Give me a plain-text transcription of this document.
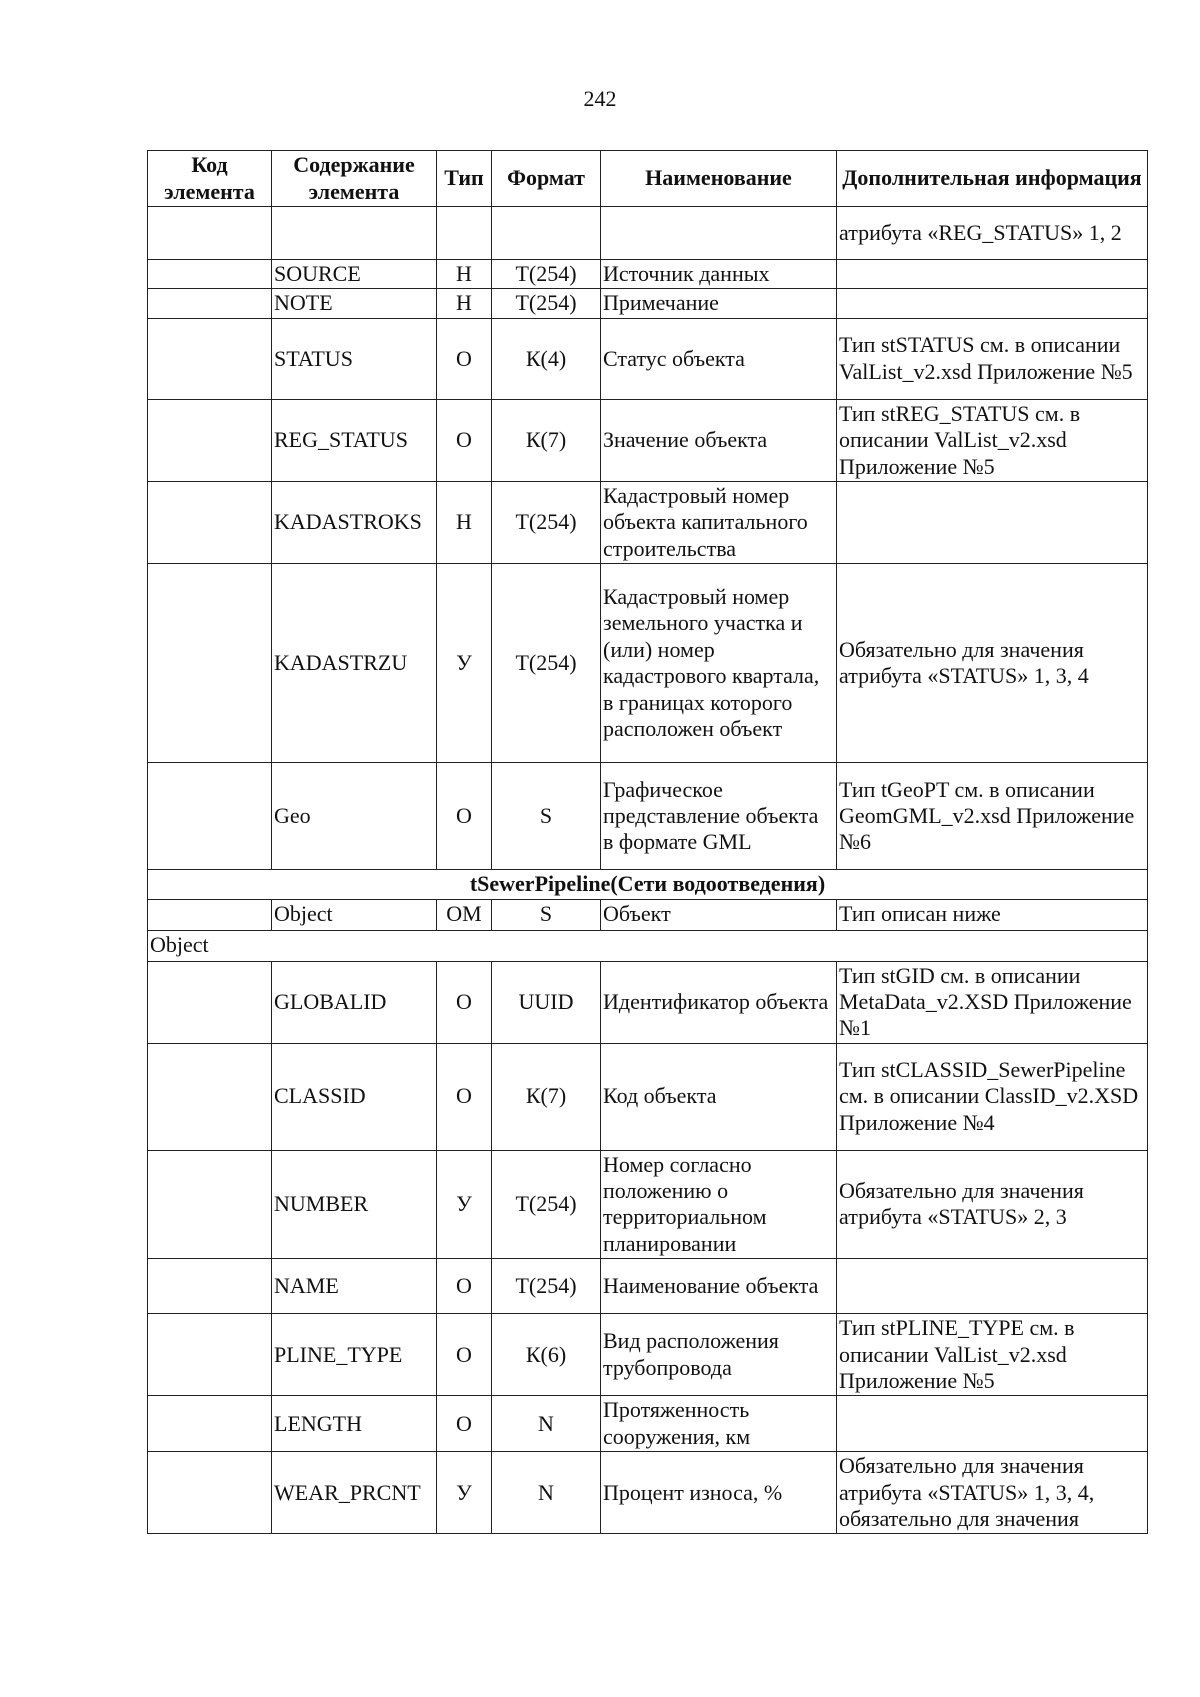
242
Код элемента	Содержание элемента	Тип	Формат	Наименование	Дополнительная информация
					атрибута «REG_STATUS» 1, 2
	SOURCE	Н	Т(254)	Источник данных	
	NOTE	Н	Т(254)	Примечание	
	STATUS	О	К(4)	Статус объекта	Тип stSTATUS см. в описании ValList_v2.xsd Приложение №5
	REG_STATUS	О	К(7)	Значение объекта	Тип stREG_STATUS см. в описании ValList_v2.xsd Приложение №5
	KADASTROKS	Н	Т(254)	Кадастровый номер объекта капитального строительства	
	KADASTRZU	У	Т(254)	Кадастровый номер земельного участка и (или) номер кадастрового квартала, в границах которого расположен объект	Обязательно для значения атрибута «STATUS» 1, 3, 4
	Geo	О	S	Графическое представление объекта в формате GML	Тип tGeoPT см. в описании GeomGML_v2.xsd Приложение №6
tSewerPipeline(Сети водоотведения)					
	Object	ОМ	S	Объект	Тип описан ниже
Object					
	GLOBALID	О	UUID	Идентификатор объекта	Тип stGID см. в описании MetaData_v2.XSD Приложение №1
	CLASSID	О	К(7)	Код объекта	Тип stCLASSID_SewerPipeline см. в описании ClassID_v2.XSD Приложение №4
	NUMBER	У	Т(254)	Номер согласно положению о территориальном планировании	Обязательно для значения атрибута «STATUS» 2, 3
	NAME	О	Т(254)	Наименование объекта	
	PLINE_TYPE	О	К(6)	Вид расположения трубопровода	Тип stPLINE_TYPE см. в описании ValList_v2.xsd Приложение №5
	LENGTH	О	N	Протяженность сооружения, км	
	WEAR_PRCNT	У	N	Процент износа, %	Обязательно для значения атрибута «STATUS» 1, 3, 4, обязательно для значения
